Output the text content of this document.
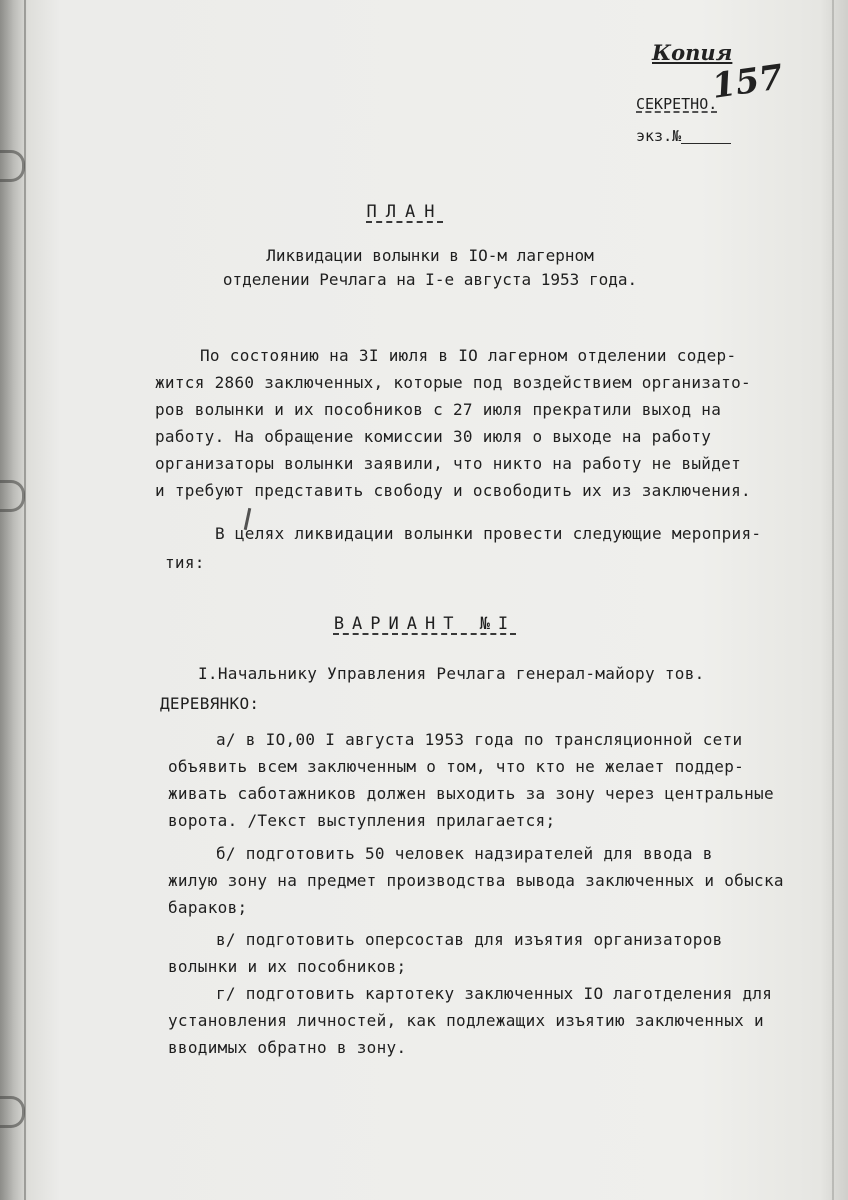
Копия
157
СЕКРЕТНО.
экз.№
ПЛАН
Ликвидации волынки в IO-м лагерном
отделении Речлага на I-е августа 1953 года.
По состоянию на 3I июля в IO лагерном отделении содер-
жится 2860 заключенных, которые под воздействием организато-
ров волынки и их пособников с 27 июля прекратили выход на
работу. На обращение комиссии 30 июля о выходе на работу
организаторы волынки заявили, что никто на работу не выйдет
и требуют представить свободу и освободить их из заключения.
В целях ликвидации волынки провести следующие мероприя-
тия:
ВАРИАНТ №I
I.Начальнику Управления Речлага генерал-майору тов.
ДЕРЕВЯНКО:
а/ в IO,00 I августа 1953 года по трансляционной сети
объявить всем заключенным о том, что кто не желает поддер-
живать саботажников должен выходить за зону через центральные
ворота. /Текст выступления прилагается;
б/ подготовить 50 человек надзирателей для ввода в
жилую зону на предмет производства вывода заключенных и обыска
бараков;
в/ подготовить оперсостав для изъятия организаторов
волынки и их пособников;
г/ подготовить картотеку заключенных IO лаготделения для
установления личностей, как подлежащих изъятию заключенных и
вводимых обратно в зону.
